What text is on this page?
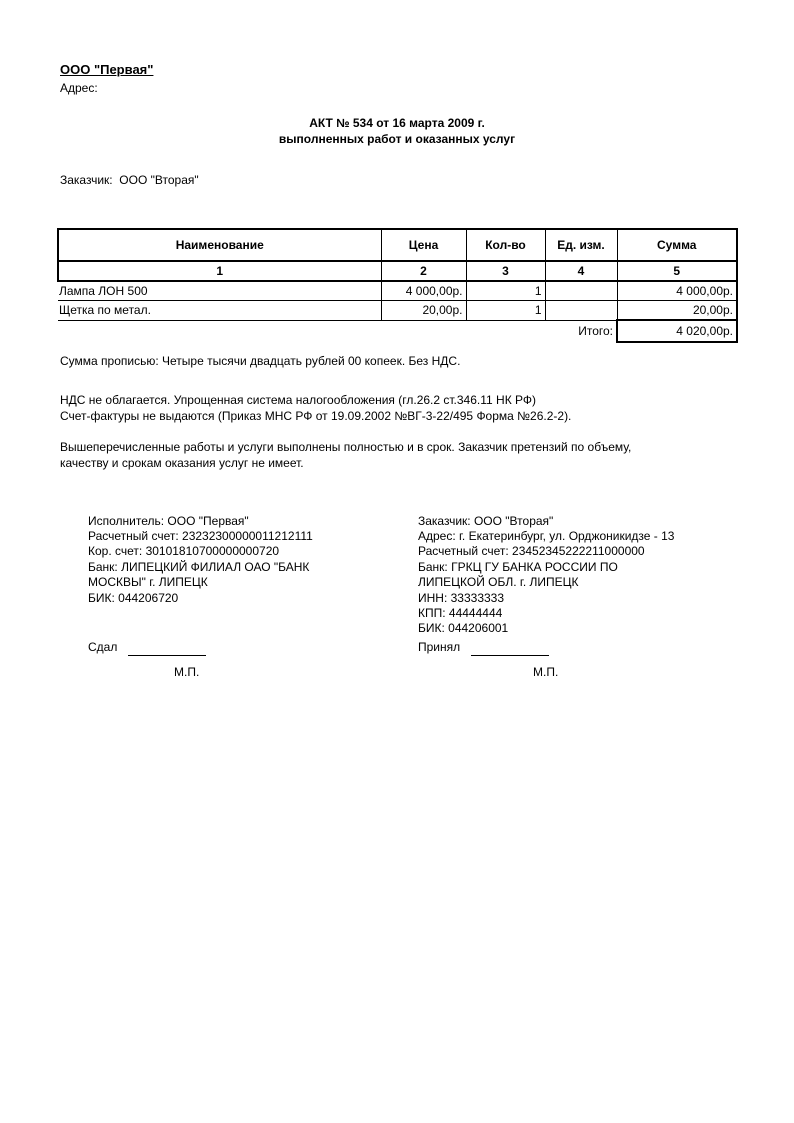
ООО "Первая"
Адрес:
АКТ № 534 от 16 марта 2009 г.
выполненных работ и оказанных услуг
Заказчик: ООО "Вторая"
Наименование	Цена	Кол-во	Ед. изм.	Сумма
1	2	3	4	5
Лампа ЛОН 500	4 000,00р.	1		4 000,00р.
Щетка по метал.	20,00р.	1		20,00р.
		Итого:		4 020,00р.
Сумма прописью: Четыре тысячи двадцать рублей 00 копеек. Без НДС.
НДС не облагается. Упрощенная система налогообложения (гл.26.2 ст.346.11 НК РФ)
Счет-фактуры не выдаются (Приказ МНС РФ от 19.09.2002 №ВГ-3-22/495 Форма №26.2-2).
Вышеперечисленные работы и услуги выполнены полностью и в срок. Заказчик претензий по объему,
качеству и срокам оказания услуг не имеет.
Исполнитель: ООО "Первая"
Расчетный счет: 23232300000011212111
Кор. счет: 30101810700000000720
Банк: ЛИПЕЦКИЙ ФИЛИАЛ ОАО "БАНК
МОСКВЫ" г. ЛИПЕЦК
БИК: 044206720
Сдал
М.П.
Заказчик: ООО "Вторая"
Адрес: г. Екатеринбург, ул. Орджоникидзе - 13
Расчетный счет: 23452345222211000000
Банк: ГРКЦ ГУ БАНКА РОССИИ ПО
ЛИПЕЦКОЙ ОБЛ. г. ЛИПЕЦК
ИНН: 33333333
КПП: 44444444
БИК: 044206001
Принял
М.П.
